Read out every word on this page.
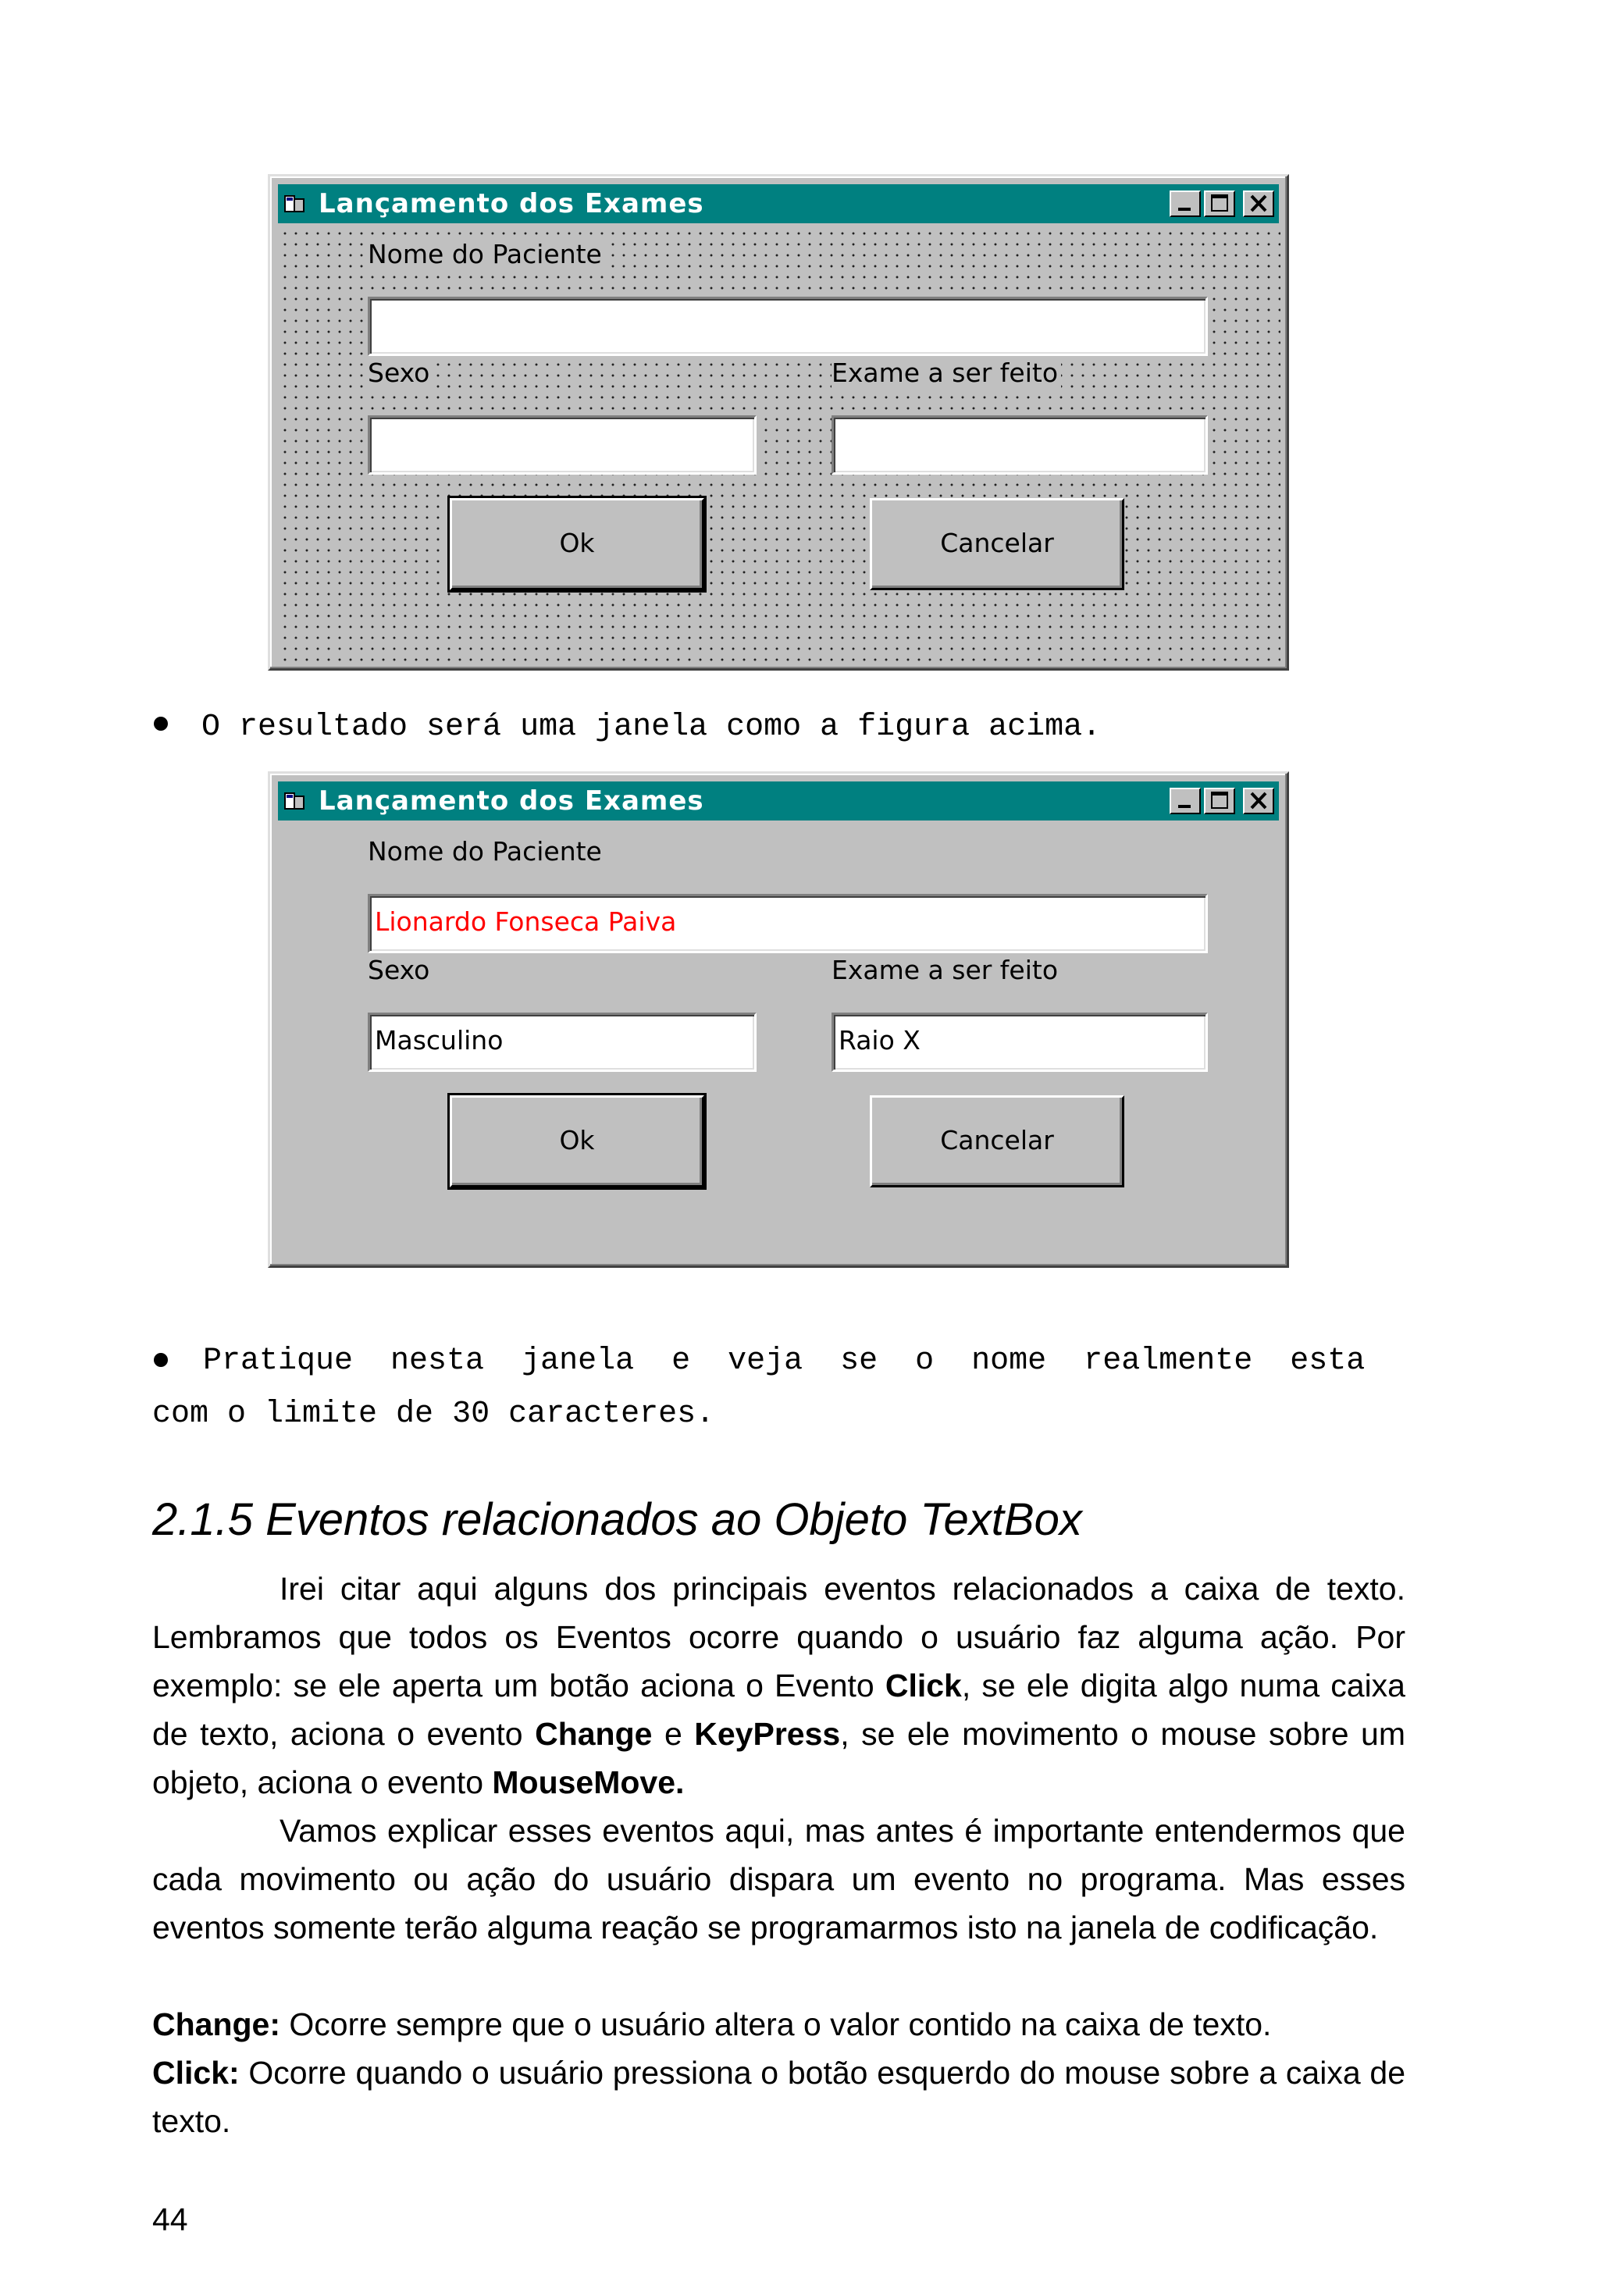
Lançamento dos Exames
Nome do Paciente
Sexo	Exame a ser feito
Ok	Cancelar
O resultado será uma janela como a figura acima.
Lançamento dos Exames
Nome do Paciente
Lionardo Fonseca Paiva
Sexo	Exame a ser feito
Masculino	Raio X
Ok	Cancelar
Pratique  nesta  janela  e  veja  se  o  nome  realmente  esta
com o limite de 30 caracteres.
2.1.5 Eventos relacionados ao Objeto TextBox
Irei citar aqui alguns dos principais eventos relacionados a caixa de texto. Lembramos que todos os Eventos ocorre quando o usuário faz alguma ação. Por exemplo: se ele aperta um botão aciona o Evento Click, se ele digita algo numa caixa de texto, aciona o evento Change e KeyPress, se ele movimento o mouse sobre um objeto, aciona o evento MouseMove.
Vamos explicar esses eventos aqui, mas antes é importante entendermos que cada movimento ou ação do usuário dispara um evento no programa. Mas esses eventos somente terão alguma reação se programarmos isto na janela de codificação.
Change: Ocorre sempre que o usuário altera o valor contido na caixa de texto.
Click: Ocorre quando o usuário pressiona o botão esquerdo do mouse sobre a caixa de texto.
44
